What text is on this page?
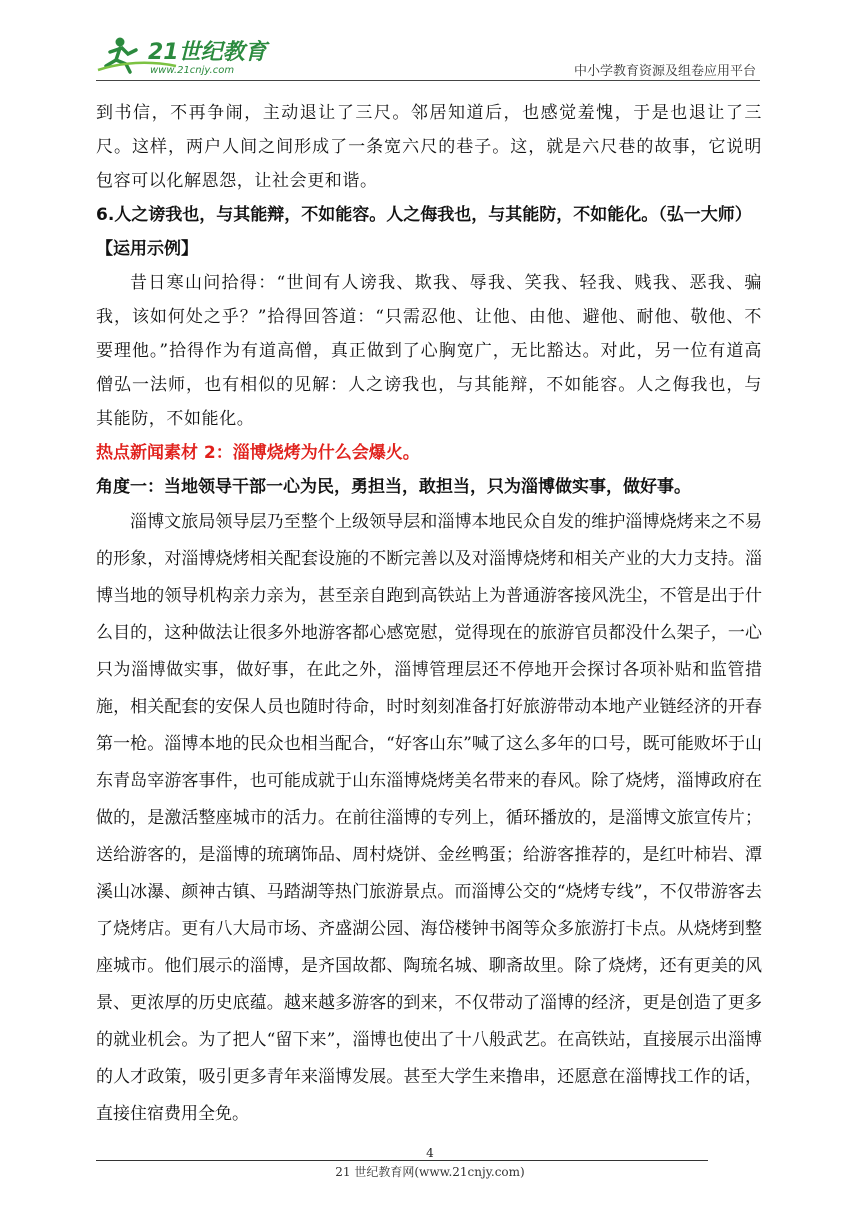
21世纪教育
www.21cnjy.com	中小学教育资源及组卷应用平台

到书信，不再争闹，主动退让了三尺。邻居知道后，也感觉羞愧，于是也退让了三尺。这样，两户人间之间形成了一条宽六尺的巷子。这，就是六尺巷的故事，它说明包容可以化解恩怨，让社会更和谐。

6.人之谤我也，与其能辩，不如能容。人之侮我也，与其能防，不如能化。（弘一大师）

【运用示例】

昔日寒山问拾得：“世间有人谤我、欺我、辱我、笑我、轻我、贱我、恶我、骗我，该如何处之乎？”拾得回答道：“只需忍他、让他、由他、避他、耐他、敬他、不要理他。”拾得作为有道高僧，真正做到了心胸宽广，无比豁达。对此，另一位有道高僧弘一法师，也有相似的见解：人之谤我也，与其能辩，不如能容。人之侮我也，与其能防，不如能化。

热点新闻素材 2：淄博烧烤为什么会爆火。

角度一：当地领导干部一心为民，勇担当，敢担当，只为淄博做实事，做好事。

淄博文旅局领导层乃至整个上级领导层和淄博本地民众自发的维护淄博烧烤来之不易的形象，对淄博烧烤相关配套设施的不断完善以及对淄博烧烤和相关产业的大力支持。淄博当地的领导机构亲力亲为，甚至亲自跑到高铁站上为普通游客接风洗尘，不管是出于什么目的，这种做法让很多外地游客都心感宽慰，觉得现在的旅游官员都没什么架子，一心只为淄博做实事，做好事，在此之外，淄博管理层还不停地开会探讨各项补贴和监管措施，相关配套的安保人员也随时待命，时时刻刻准备打好旅游带动本地产业链经济的开春第一枪。淄博本地的民众也相当配合，“好客山东”喊了这么多年的口号，既可能败坏于山东青岛宰游客事件，也可能成就于山东淄博烧烤美名带来的春风。除了烧烤，淄博政府在做的，是激活整座城市的活力。在前往淄博的专列上，循环播放的，是淄博文旅宣传片；送给游客的，是淄博的琉璃饰品、周村烧饼、金丝鸭蛋；给游客推荐的，是红叶柿岩、潭溪山冰瀑、颜神古镇、马踏湖等热门旅游景点。而淄博公交的“烧烤专线”，不仅带游客去了烧烤店。更有八大局市场、齐盛湖公园、海岱楼钟书阁等众多旅游打卡点。从烧烤到整座城市。他们展示的淄博，是齐国故都、陶琉名城、聊斋故里。除了烧烤，还有更美的风景、更浓厚的历史底蕴。越来越多游客的到来，不仅带动了淄博的经济，更是创造了更多的就业机会。为了把人“留下来”，淄博也使出了十八般武艺。在高铁站，直接展示出淄博的人才政策，吸引更多青年来淄博发展。甚至大学生来撸串，还愿意在淄博找工作的话，直接住宿费用全免。

4
21 世纪教育网(www.21cnjy.com)
